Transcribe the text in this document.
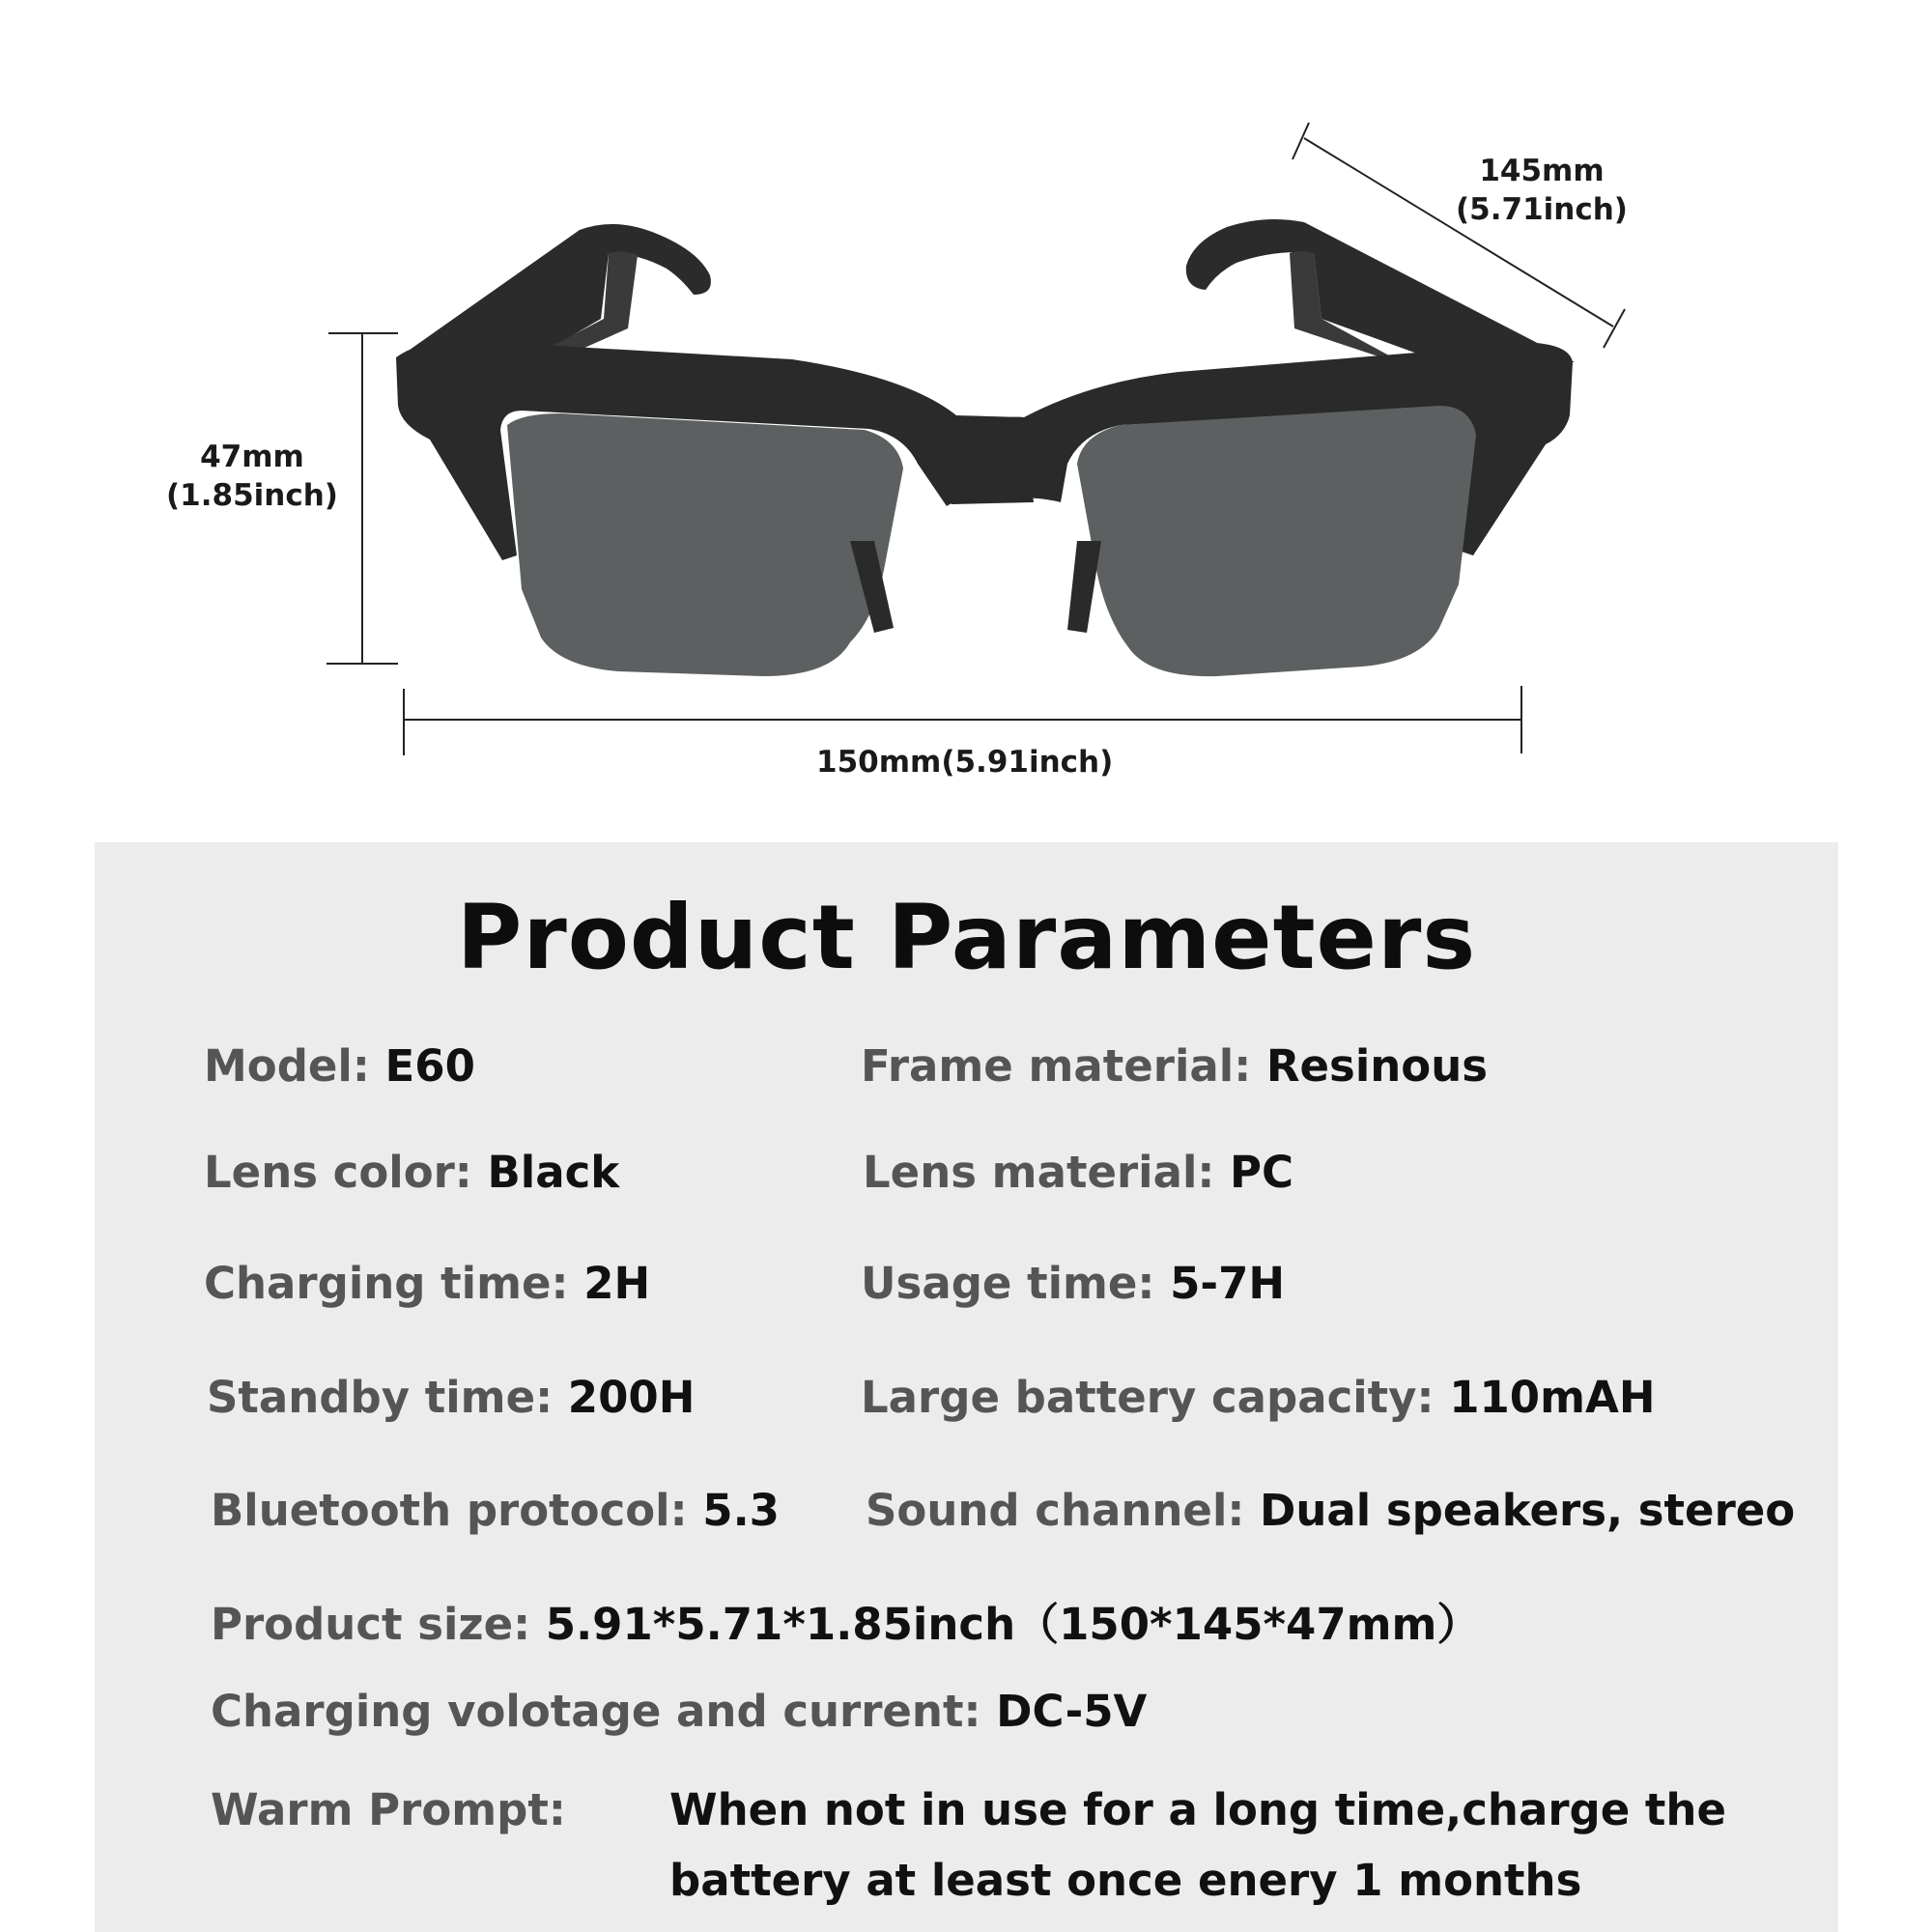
150mm(5.91inch)
145mm
(5.71inch)
47mm
(1.85inch)
Product Parameters
Model: E60	Frame material: Resinous
Lens color: Black	Lens material: PC
Charging time: 2H	Usage time: 5-7H
Standby time: 200H	Large battery capacity: 110mAH
Bluetooth protocol: 5.3 Sound channel: Dual speakers, stereo
Product size: 5.91*5.71*1.85inch（150*145*47mm）
Charging volotage and current: DC-5V
Warm Prompt: When not in use for a long time,charge the battery at least once enery 1 months
